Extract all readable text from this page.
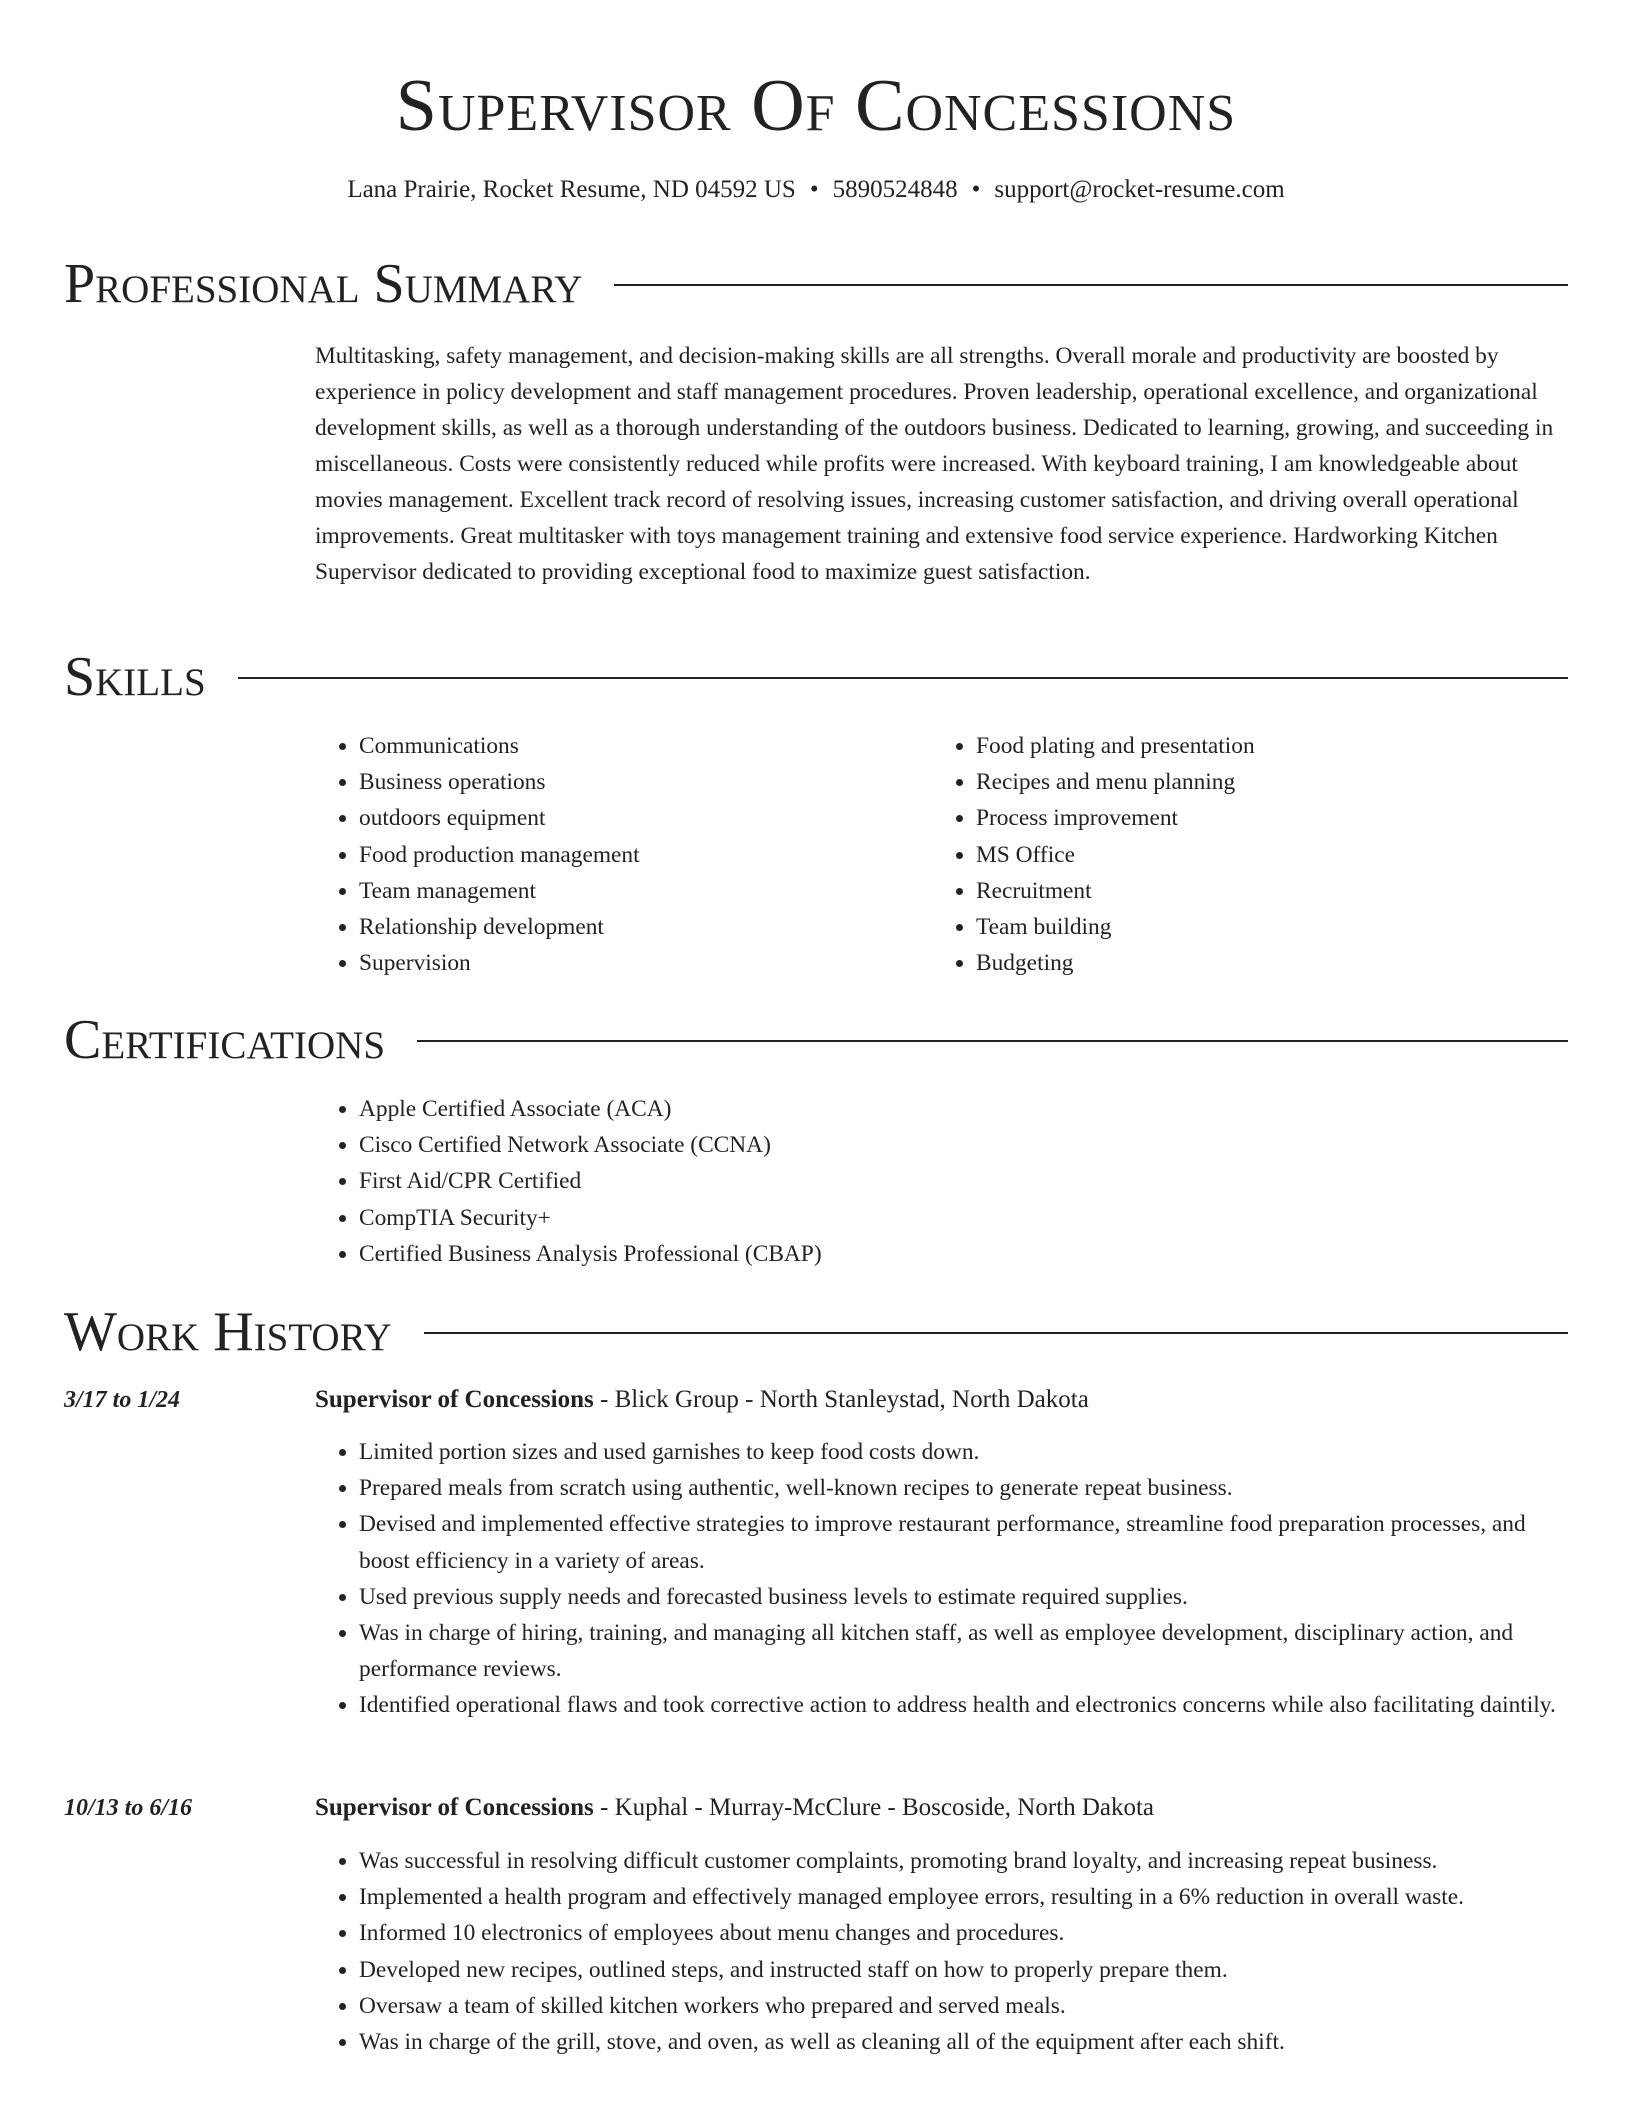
Supervisor Of Concessions
Lana Prairie, Rocket Resume, ND 04592 US • 5890524848 • support@rocket-resume.com
Professional Summary
Multitasking, safety management, and decision-making skills are all strengths. Overall morale and productivity are boosted by experience in policy development and staff management procedures. Proven leadership, operational excellence, and organizational development skills, as well as a thorough understanding of the outdoors business. Dedicated to learning, growing, and succeeding in miscellaneous. Costs were consistently reduced while profits were increased. With keyboard training, I am knowledgeable about movies management. Excellent track record of resolving issues, increasing customer satisfaction, and driving overall operational improvements. Great multitasker with toys management training and extensive food service experience. Hardworking Kitchen Supervisor dedicated to providing exceptional food to maximize guest satisfaction.
Skills
• Communications
• Business operations
• outdoors equipment
• Food production management
• Team management
• Relationship development
• Supervision
• Food plating and presentation
• Recipes and menu planning
• Process improvement
• MS Office
• Recruitment
• Team building
• Budgeting
Certifications
• Apple Certified Associate (ACA)
• Cisco Certified Network Associate (CCNA)
• First Aid/CPR Certified
• CompTIA Security+
• Certified Business Analysis Professional (CBAP)
Work History
3/17 to 1/24	Supervisor of Concessions - Blick Group - North Stanleystad, North Dakota
• Limited portion sizes and used garnishes to keep food costs down.
• Prepared meals from scratch using authentic, well-known recipes to generate repeat business.
• Devised and implemented effective strategies to improve restaurant performance, streamline food preparation processes, and boost efficiency in a variety of areas.
• Used previous supply needs and forecasted business levels to estimate required supplies.
• Was in charge of hiring, training, and managing all kitchen staff, as well as employee development, disciplinary action, and performance reviews.
• Identified operational flaws and took corrective action to address health and electronics concerns while also facilitating daintily.
10/13 to 6/16	Supervisor of Concessions - Kuphal - Murray-McClure - Boscoside, North Dakota
• Was successful in resolving difficult customer complaints, promoting brand loyalty, and increasing repeat business.
• Implemented a health program and effectively managed employee errors, resulting in a 6% reduction in overall waste.
• Informed 10 electronics of employees about menu changes and procedures.
• Developed new recipes, outlined steps, and instructed staff on how to properly prepare them.
• Oversaw a team of skilled kitchen workers who prepared and served meals.
• Was in charge of the grill, stove, and oven, as well as cleaning all of the equipment after each shift.
